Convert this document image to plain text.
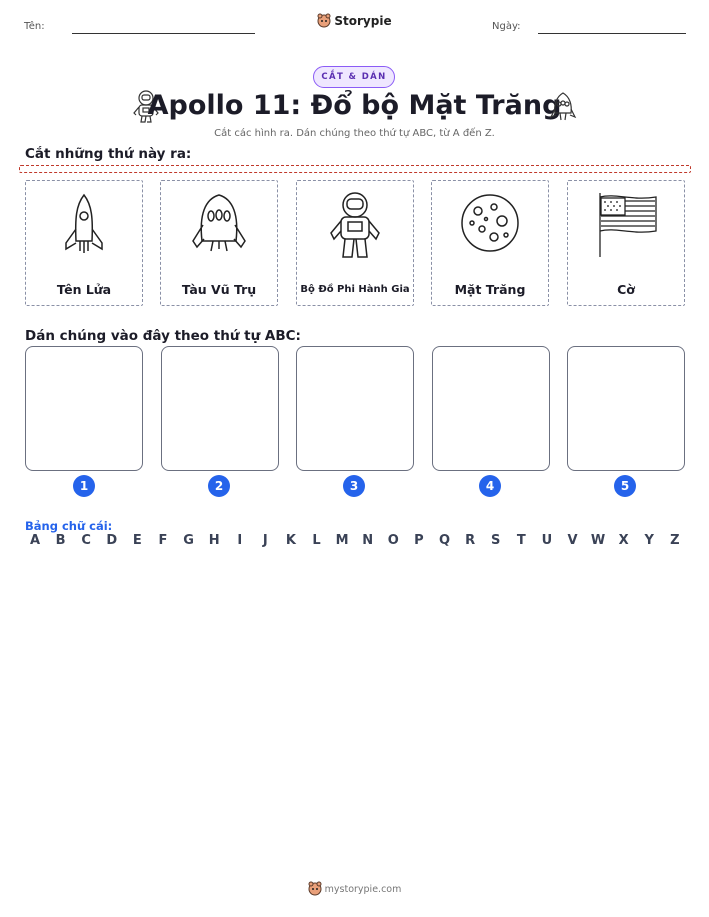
Tên:	Storypie	Ngày:
CẮT & DÁN
Apollo 11: Đổ bộ Mặt Trăng
Cắt các hình ra. Dán chúng theo thứ tự ABC, từ A đến Z.
Cắt những thứ này ra:
Tên Lửa	Tàu Vũ Trụ	Bộ Đồ Phi Hành Gia	Mặt Trăng	Cờ
Dán chúng vào đây theo thứ tự ABC:
1	2	3	4	5
Bảng chữ cái:
A	B	C	D	E	F	G	H	I	J	K	L	M	N	O	P	Q	R	S	T	U	V	W	X	Y	Z
mystorypie.com
